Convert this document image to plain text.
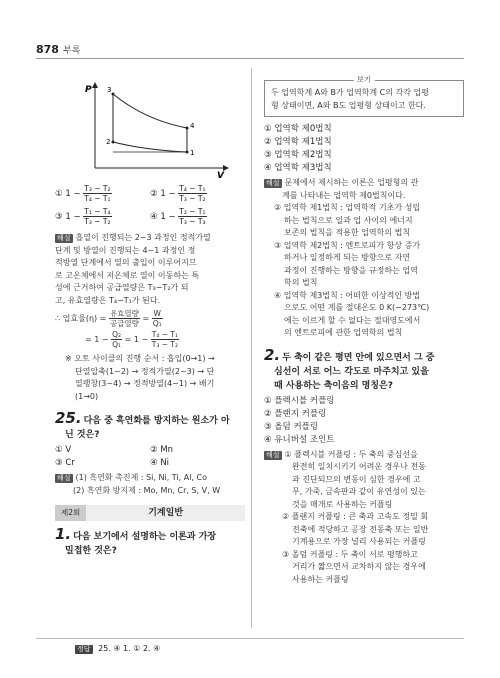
878 부록
P
V
3
2
4
1
① $1 - \frac{\text{T₃ − T₂}}{\text{T₄ − T₁}}$	② $1 - \frac{\text{T₄ − T₁}}{\text{T₃ − T₂}}$
③ $1 - \frac{\text{T₁ − T₄}}{\text{T₃ − T₂}}$	④ $1 - \frac{\text{T₂ − T₁}}{\text{T₃ − T₃}}$
해설 흡열이 진행되는 2~3 과정인 정적가열
단계 및 방열이 진행되는 4~1 과정인 정
적방열 단계에서 열의 출입이 이루어지므
로 고온체에서 저온체로 열이 이동하는 특
성에 근거하여 공급열량은 T₃−T₂가 되
고, 유효열량은 T₄−T₁가 된다.
∴ 업효율$(\eta) = \frac{\text{유효열량}}{\text{공급열량}} = \frac{W}{\text{Q₁}}$
= $1 - \frac{\text{Q₂}}{\text{Q₁}} = 1 - \frac{\text{T₄ − T₁}}{\text{T₃ − T₂}}$
※ 오토 사이클의 진행 순서 : 흡입(0→1) →
단열압축(1~2) → 정적가열(2~3) → 단
열팽창(3~4) → 정적방열(4~1) → 배기
(1→0)
25. 다음 중 흑연화를 방지하는 원소가 아
닌 것은?
① V	② Mn
③ Cr	④ Ni
해설 (1) 흑연화 촉진제 : Si, Ni, Ti, Al, Co
(2) 흑연화 방지제 : Mo, Mn, Cr, S, V, W
제2회	기계일반
1. 다음 보기에서 설명하는 이론과 가장
밀접한 것은?
보기
두 업역학계 A와 B가 업역학계 C의 각각 업평
형 상태이면, A와 B도 업평형 상태이고 한다.
① 업역학 제0법칙
② 업역학 제1법칙
③ 업역학 제2법칙
④ 업역학 제3법칙
해설 문제에서 제시하는 이론은 업평형의 관
계를 나타내는 업역학 제0법칙이다.
② 업역학 제1법칙 : 업역학적 기초가 성립
하는 법칙으로 일과 업 사이의 에너지
보존의 법칙을 적용한 업역학의 법칙
③ 업역학 제2법칙 : 엔트로피가 항상 증가
하거나 일정하게 되는 방향으로 자연
과정이 진행하는 방향을 규정하는 업역
학의 법칙
④ 업역학 제3법칙 : 어떠한 이상적인 방법
으로도 어떤 계를 절대온도 0 K(−273℃)
에는 이르게 할 수 없다는 절대영도에서
의 엔트로피에 관한 업역학의 법칙
2. 두 축이 같은 평면 안에 있으면서 그 중
심선이 서로 어느 각도로 마주치고 있을
때 사용하는 축이음의 명칭은?
① 플렉시블 커플링
② 플랜지 커플링
③ 올덤 커플링
④ 유니버설 조인트
해설 ① 플렉시블 커플링 : 두 축의 중심선을
완전히 일치시키기 어려운 경우나 전동
과 진단되므의 변동이 심한 경우에 고
무, 가죽, 금속판과 같이 유연성이 있는
것을 매개로 사용하는 커플링
② 플랜지 커플링 : 큰 축과 고속도 정밀 회
전축에 적당하고 공장 전동축 또는 일반
기계용으로 가장 널리 사용되는 커플링
③ 올덤 커플링 : 두 축이 서로 평행하고
거리가 짧으면서 교차하지 않는 경우에
사용하는 커플링
정답 25. ④ 1. ① 2. ④
